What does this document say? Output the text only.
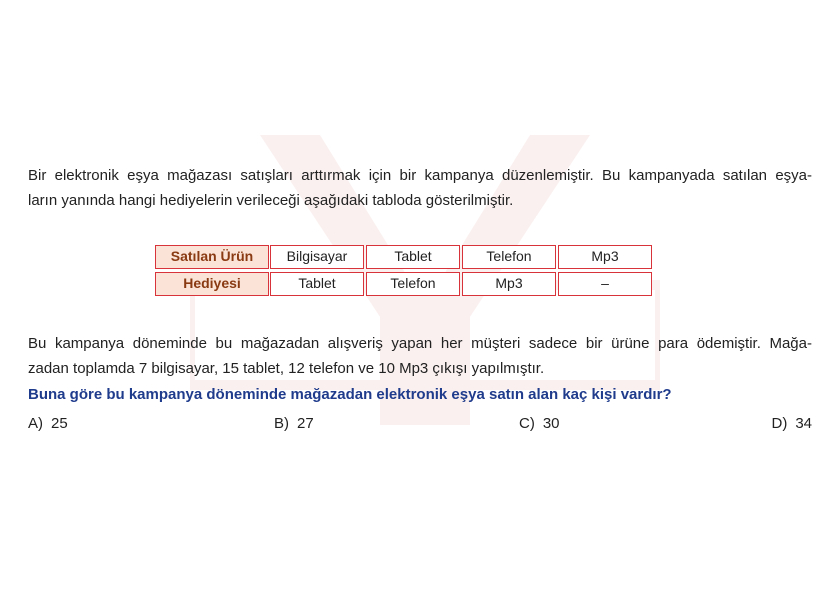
Bir elektronik eşya mağazası satışları arttırmak için bir kampanya düzenlemiştir. Bu kampanyada satılan eşya-
ların yanında hangi hediyelerin verileceği aşağıdaki tabloda gösterilmiştir.
Satılan Ürün	Bilgisayar	Tablet	Telefon	Mp3
Hediyesi	Tablet	Telefon	Mp3	–
Bu kampanya döneminde bu mağazadan alışveriş yapan her müşteri sadece bir ürüne para ödemiştir. Mağa-
zadan toplamda 7 bilgisayar, 15 tablet, 12 telefon ve 10 Mp3 çıkışı yapılmıştır.
Buna göre bu kampanya döneminde mağazadan elektronik eşya satın alan kaç kişi vardır?
A) 25	B) 27	C) 30	D) 34
